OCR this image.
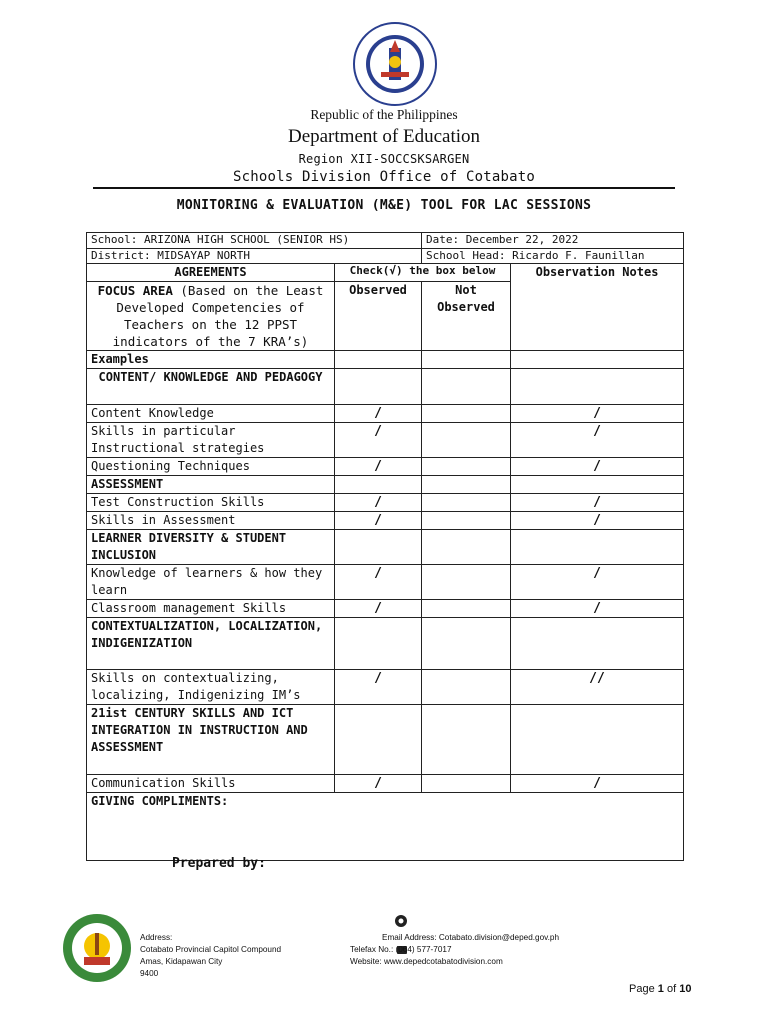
Republic of the Philippines
Department of Education
Region XII-SOCCSKSARGEN
Schools Division Office of Cotabato
MONITORING & EVALUATION (M&E) TOOL FOR LAC SESSIONS
School: ARIZONA HIGH SCHOOL (SENIOR HS)		Date: December 22, 2022	
District: MIDSAYAP NORTH		School Head: Ricardo F. Faunillan	
AGREEMENTS	Check(√) the box below		Observation Notes
FOCUS AREA (Based on the Least Developed Competencies of Teachers on the 12 PPST indicators of the 7 KRA’s)	Observed	Not Observed	
Examples			
CONTENT/ KNOWLEDGE AND PEDAGOGY			
Content Knowledge	/		/
Skills in particular Instructional strategies	/		/
Questioning Techniques	/		/
ASSESSMENT			
Test Construction Skills	/		/
Skills in Assessment	/		/
LEARNER DIVERSITY & STUDENT INCLUSION			
Knowledge of learners & how they learn	/		/
Classroom management Skills	/		/
CONTEXTUALIZATION, LOCALIZATION, INDIGENIZATION			
Skills on contextualizing, localizing, Indigenizing IM’s	/		//
21ist CENTURY SKILLS AND ICT INTEGRATION IN INSTRUCTION AND ASSESSMENT			
Communication Skills	/		/
GIVING COMPLIMENTS:			
Prepared by:
Address:
Cotabato Provincial Capitol Compound
Amas, Kidapawan City
9400
Email Address: Cotabato.division@deped.gov.ph
Telefax No.: (064) 577-7017
Website: www.depedcotabatodivision.com
Page 1 of 10
